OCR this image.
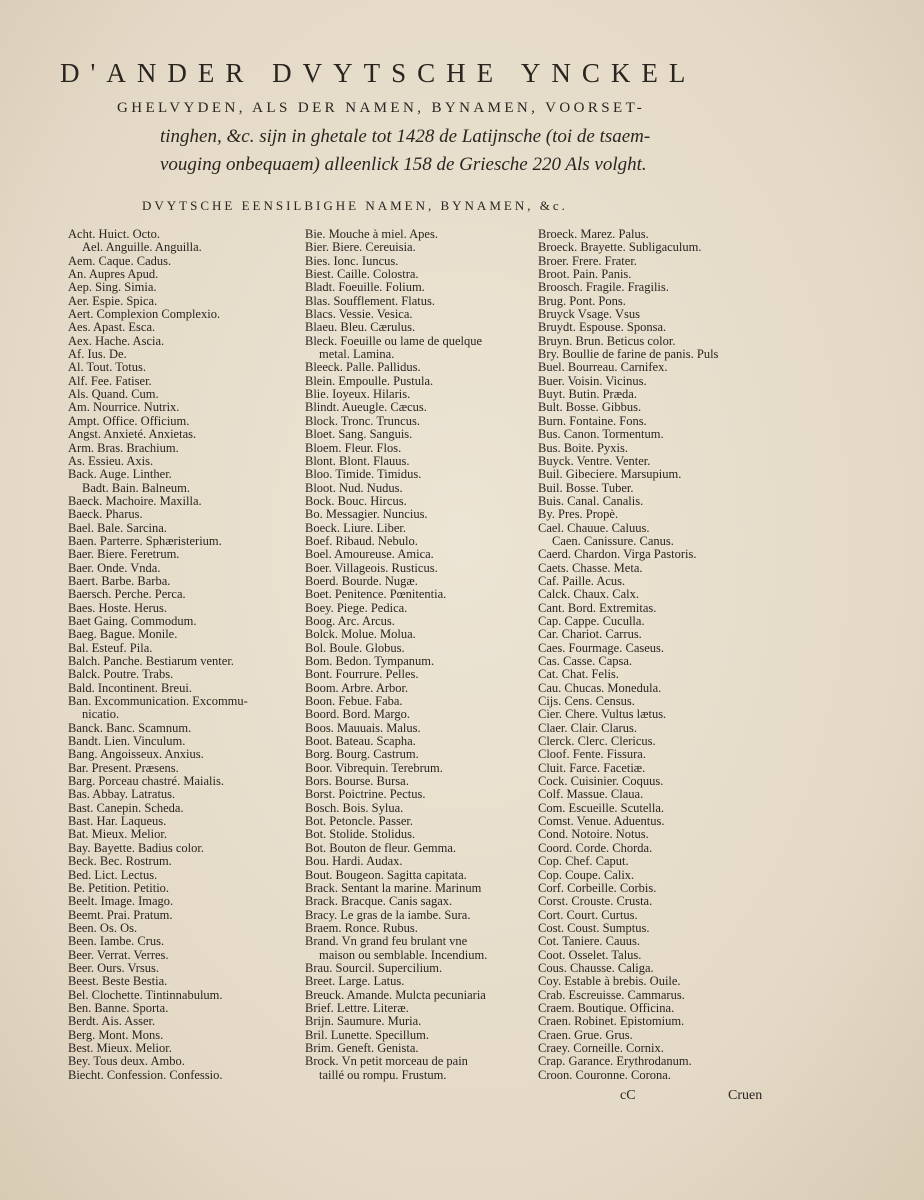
D'ANDER DVYTSCHE YNCKEL
GHELVYDEN, ALS DER NAMEN, BYNAMEN, VOORSET-
tinghen, &c. sijn in ghetale tot 1428 de Latijnsche (toi de tsaem-
vouging onbequaem) alleenlick 158 de Griesche 220 Als volght.
DVYTSCHE EENSILBIGHE NAMEN, BYNAMEN, &c.
Acht. Huict. Octo.
Ael. Anguille. Anguilla.
Aem. Caque. Cadus.
An. Aupres Apud.
Aep. Sing. Simia.
Aer. Espie. Spica.
Aert. Complexion Complexio.
Aes. Apast. Esca.
Aex. Hache. Ascia.
Af. Ius. De.
Al. Tout. Totus.
Alf. Fee. Fatiser.
Als. Quand. Cum.
Am. Nourrice. Nutrix.
Ampt. Office. Officium.
Angst. Anxieté. Anxietas.
Arm. Bras. Brachium.
As. Essieu. Axis.
Back. Auge. Linther.
Badt. Bain. Balneum.
Baeck. Machoire. Maxilla.
Baeck. Pharus.
Bael. Bale. Sarcina.
Baen. Parterre. Sphæristerium.
Baer. Biere. Feretrum.
Baer. Onde. Vnda.
Baert. Barbe. Barba.
Baersch. Perche. Perca.
Baes. Hoste. Herus.
Baet Gaing. Commodum.
Baeg. Bague. Monile.
Bal. Esteuf. Pila.
Balch. Panche. Bestiarum venter.
Balck. Poutre. Trabs.
Bald. Incontinent. Breui.
Ban. Excommunication. Excommu-
nicatio.
Banck. Banc. Scamnum.
Bandt. Lien. Vinculum.
Bang. Angoisseux. Anxius.
Bar. Present. Præsens.
Barg. Porceau chastré. Maialis.
Bas. Abbay. Latratus.
Bast. Canepin. Scheda.
Bast. Har. Laqueus.
Bat. Mieux. Melior.
Bay. Bayette. Badius color.
Beck. Bec. Rostrum.
Bed. Lict. Lectus.
Be. Petition. Petitio.
Beelt. Image. Imago.
Beemt. Prai. Pratum.
Been. Os. Os.
Been. Iambe. Crus.
Beer. Verrat. Verres.
Beer. Ours. Vrsus.
Beest. Beste Bestia.
Bel. Clochette. Tintinnabulum.
Ben. Banne. Sporta.
Berdt. Ais. Asser.
Berg. Mont. Mons.
Best. Mieux. Melior.
Bey. Tous deux. Ambo.
Biecht. Confession. Confessio.
Bie. Mouche à miel. Apes.
Bier. Biere. Cereuisia.
Bies. Ionc. Iuncus.
Biest. Caille. Colostra.
Bladt. Foeuille. Folium.
Blas. Soufflement. Flatus.
Blacs. Vessie. Vesica.
Blaeu. Bleu. Cærulus.
Bleck. Foeuille ou lame de quelque
metal. Lamina.
Bleeck. Palle. Pallidus.
Blein. Empoulle. Pustula.
Blie. Ioyeux. Hilaris.
Blindt. Aueugle. Cæcus.
Block. Tronc. Truncus.
Bloet. Sang. Sanguis.
Bloem. Fleur. Flos.
Blont. Blont. Flauus.
Bloo. Timide. Timidus.
Bloot. Nud. Nudus.
Bock. Bouc. Hircus.
Bo. Messagier. Nuncius.
Boeck. Liure. Liber.
Boef. Ribaud. Nebulo.
Boel. Amoureuse. Amica.
Boer. Villageois. Rusticus.
Boerd. Bourde. Nugæ.
Boet. Penitence. Pœnitentia.
Boey. Piege. Pedica.
Boog. Arc. Arcus.
Bolck. Molue. Molua.
Bol. Boule. Globus.
Bom. Bedon. Tympanum.
Bont. Fourrure. Pelles.
Boom. Arbre. Arbor.
Boon. Febue. Faba.
Boord. Bord. Margo.
Boos. Mauuais. Malus.
Boot. Bateau. Scapha.
Borg. Bourg. Castrum.
Boor. Vibrequin. Terebrum.
Bors. Bourse. Bursa.
Borst. Poictrine. Pectus.
Bosch. Bois. Sylua.
Bot. Petoncle. Passer.
Bot. Stolide. Stolidus.
Bot. Bouton de fleur. Gemma.
Bou. Hardi. Audax.
Bout. Bougeon. Sagitta capitata.
Brack. Sentant la marine. Marinum
Brack. Bracque. Canis sagax.
Bracy. Le gras de la iambe. Sura.
Braem. Ronce. Rubus.
Brand. Vn grand feu brulant vne
maison ou semblable. Incendium.
Brau. Sourcil. Supercilium.
Breet. Large. Latus.
Breuck. Amande. Mulcta pecuniaria
Brief. Lettre. Literæ.
Brijn. Saumure. Muria.
Bril. Lunette. Specillum.
Brim. Geneft. Genista.
Brock. Vn petit morceau de pain
taillé ou rompu. Frustum.
Broeck. Marez. Palus.
Broeck. Brayette. Subligaculum.
Broer. Frere. Frater.
Broot. Pain. Panis.
Broosch. Fragile. Fragilis.
Brug. Pont. Pons.
Bruyck Vsage. Vsus
Bruydt. Espouse. Sponsa.
Bruyn. Brun. Beticus color.
Bry. Boullie de farine de panis. Puls
Buel. Bourreau. Carnifex.
Buer. Voisin. Vicinus.
Buyt. Butin. Præda.
Bult. Bosse. Gibbus.
Burn. Fontaine. Fons.
Bus. Canon. Tormentum.
Bus. Boite. Pyxis.
Buyck. Ventre. Venter.
Buil. Gibeciere. Marsupium.
Buil. Bosse. Tuber.
Buis. Canal. Canalis.
By. Pres. Propè.
Cael. Chauue. Caluus.
Caen. Canissure. Canus.
Caerd. Chardon. Virga Pastoris.
Caets. Chasse. Meta.
Caf. Paille. Acus.
Calck. Chaux. Calx.
Cant. Bord. Extremitas.
Cap. Cappe. Cuculla.
Car. Chariot. Carrus.
Caes. Fourmage. Caseus.
Cas. Casse. Capsa.
Cat. Chat. Felis.
Cau. Chucas. Monedula.
Cijs. Cens. Census.
Cier. Chere. Vultus lætus.
Claer. Clair. Clarus.
Clerck. Clerc. Clericus.
Cloof. Fente. Fissura.
Cluit. Farce. Facetiæ.
Cock. Cuisinier. Coquus.
Colf. Massue. Claua.
Com. Escueille. Scutella.
Comst. Venue. Aduentus.
Cond. Notoire. Notus.
Coord. Corde. Chorda.
Cop. Chef. Caput.
Cop. Coupe. Calix.
Corf. Corbeille. Corbis.
Corst. Crouste. Crusta.
Cort. Court. Curtus.
Cost. Coust. Sumptus.
Cot. Taniere. Cauus.
Coot. Osselet. Talus.
Cous. Chausse. Caliga.
Coy. Estable à brebis. Ouile.
Crab. Escreuisse. Cammarus.
Craem. Boutique. Officina.
Craen. Robinet. Epistomium.
Craen. Grue. Grus.
Craey. Corneille. Cornix.
Crap. Garance. Erythrodanum.
Croon. Couronne. Corona.
cC	Cruen
